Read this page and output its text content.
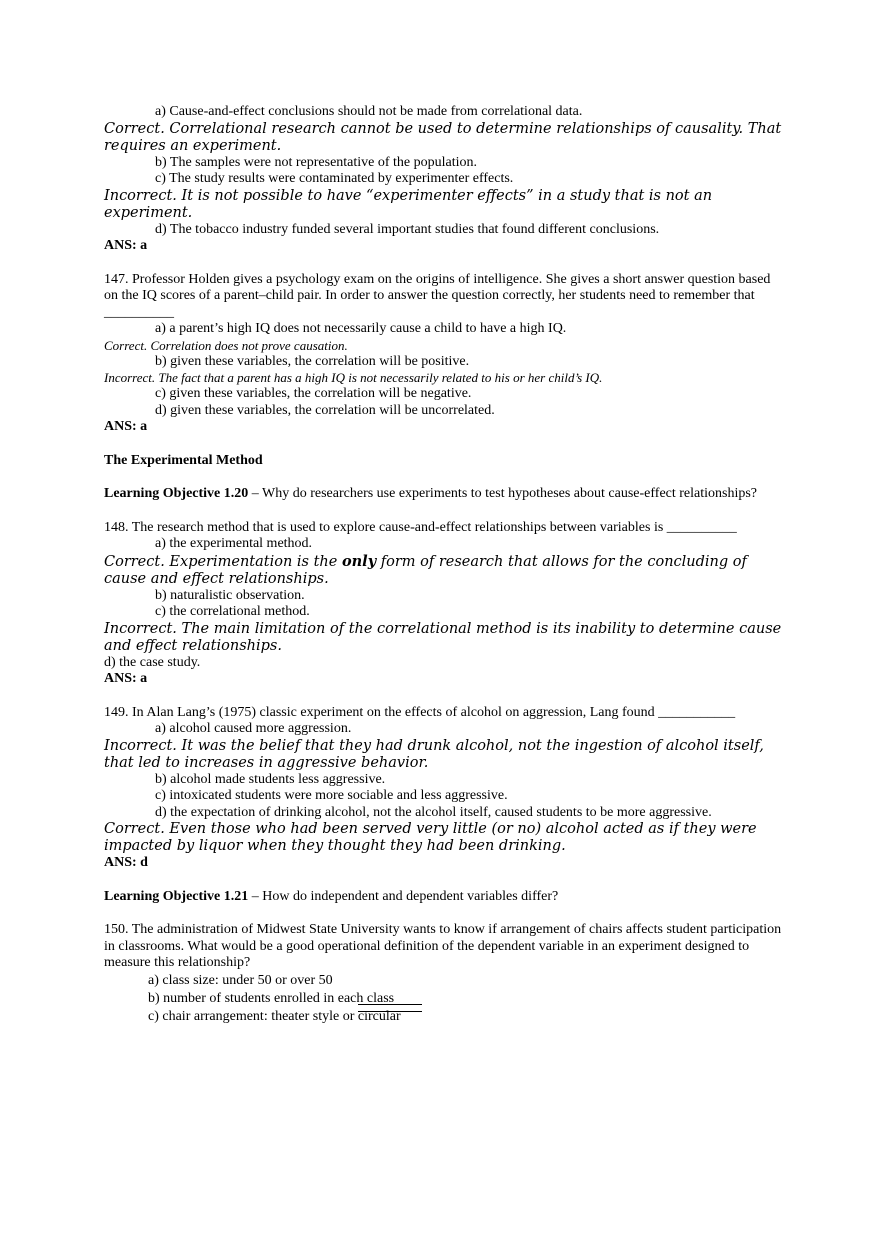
a) Cause-and-effect conclusions should not be made from correlational data.
Correct. Correlational research cannot be used to determine relationships of causality. That requires an experiment.
b) The samples were not representative of the population.
c) The study results were contaminated by experimenter effects.
Incorrect. It is not possible to have “experimenter effects” in a study that is not an experiment.
d) The tobacco industry funded several important studies that found different conclusions.
ANS: a
147. Professor Holden gives a psychology exam on the origins of intelligence. She gives a short answer question based on the IQ scores of a parent–child pair. In order to answer the question correctly, her students need to remember that __________
a) a parent’s high IQ does not necessarily cause a child to have a high IQ.
Correct. Correlation does not prove causation.
b) given these variables, the correlation will be positive.
Incorrect. The fact that a parent has a high IQ is not necessarily related to his or her child’s IQ.
c) given these variables, the correlation will be negative.
d) given these variables, the correlation will be uncorrelated.
ANS: a
The Experimental Method
Learning Objective 1.20 – Why do researchers use experiments to test hypotheses about cause-effect relationships?
148. The research method that is used to explore cause-and-effect relationships between variables is __________
a) the experimental method.
Correct. Experimentation is the only form of research that allows for the concluding of cause and effect relationships.
b) naturalistic observation.
c) the correlational method.
Incorrect. The main limitation of the correlational method is its inability to determine cause and effect relationships.
d) the case study.
ANS: a
149. In Alan Lang’s (1975) classic experiment on the effects of alcohol on aggression, Lang found ___________
a) alcohol caused more aggression.
Incorrect. It was the belief that they had drunk alcohol, not the ingestion of alcohol itself, that led to increases in aggressive behavior.
b) alcohol made students less aggressive.
c) intoxicated students were more sociable and less aggressive.
d) the expectation of drinking alcohol, not the alcohol itself, caused students to be more aggressive.
Correct. Even those who had been served very little (or no) alcohol acted as if they were impacted by liquor when they thought they had been drinking.
ANS: d
Learning Objective 1.21 – How do independent and dependent variables differ?
150. The administration of Midwest State University wants to know if arrangement of chairs affects student participation in classrooms. What would be a good operational definition of the dependent variable in an experiment designed to measure this relationship?
a) class size: under 50 or over 50
b) number of students enrolled in each class
c) chair arrangement: theater style or circular
